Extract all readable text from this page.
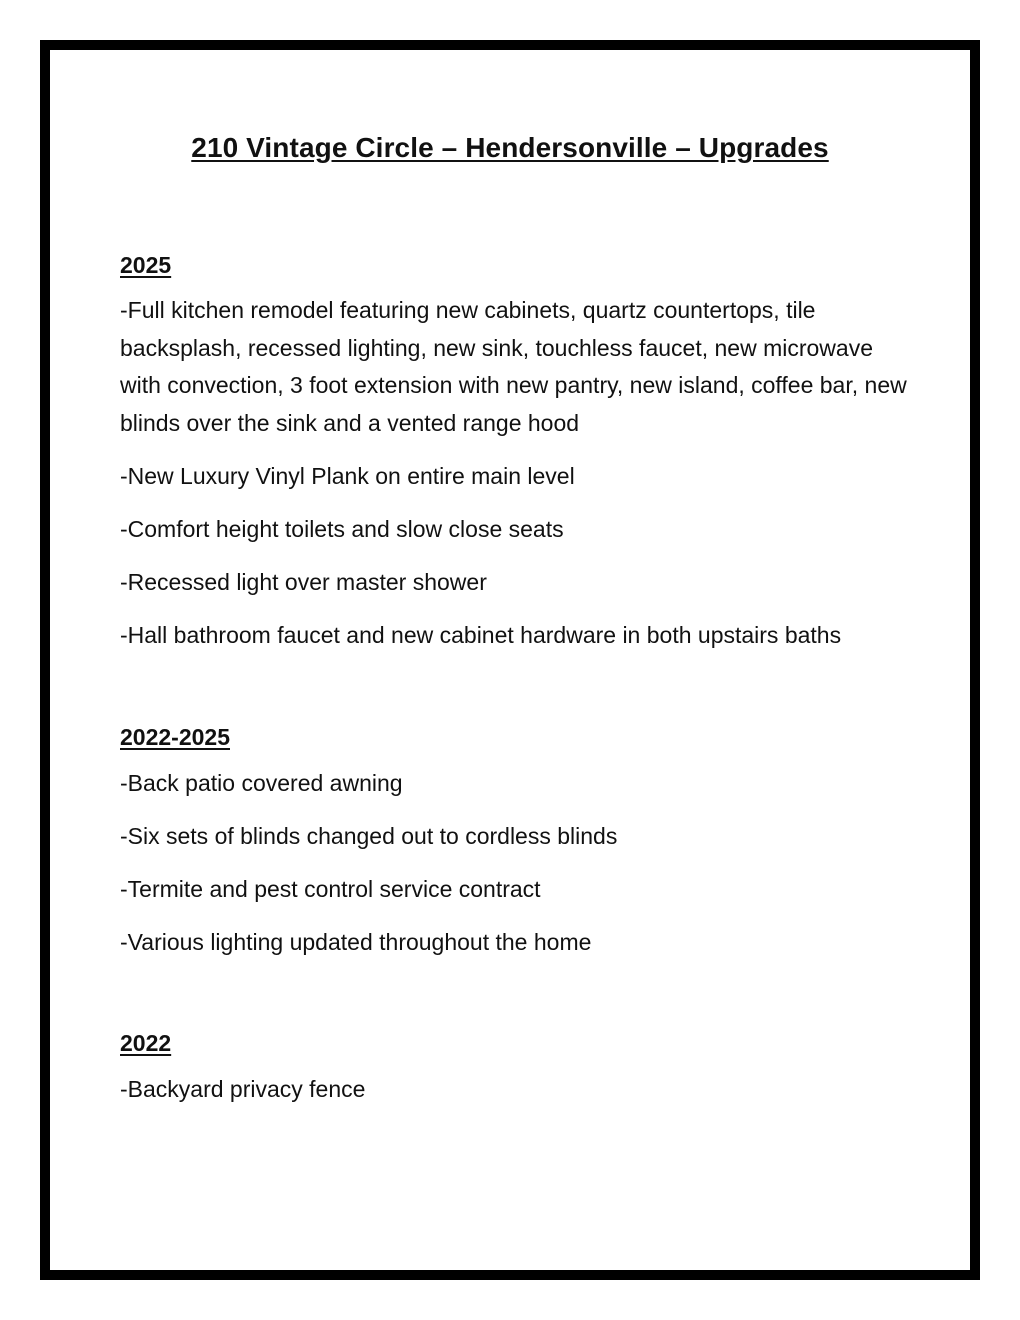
210 Vintage Circle – Hendersonville – Upgrades
2025
-Full kitchen remodel featuring new cabinets, quartz countertops, tile backsplash, recessed lighting, new sink, touchless faucet, new microwave with convection, 3 foot extension with new pantry, new island, coffee bar, new blinds over the sink and a vented range hood
-New Luxury Vinyl Plank on entire main level
-Comfort height toilets and slow close seats
-Recessed light over master shower
-Hall bathroom faucet and new cabinet hardware in both upstairs baths
2022-2025
-Back patio covered awning
-Six sets of blinds changed out to cordless blinds
-Termite and pest control service contract
-Various lighting updated throughout the home
2022
-Backyard privacy fence
